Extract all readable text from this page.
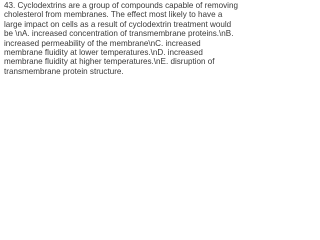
43. Cyclodextrins are a group of compounds capable of removing
cholesterol from membranes. The effect most likely to have a
large impact on cells as a result of cyclodextrin treatment would
be \nA. increased concentration of transmembrane proteins.\nB.
increased permeability of the membrane\nC. increased
membrane fluidity at lower temperatures.\nD. increased
membrane fluidity at higher temperatures.\nE. disruption of
transmembrane protein structure.
